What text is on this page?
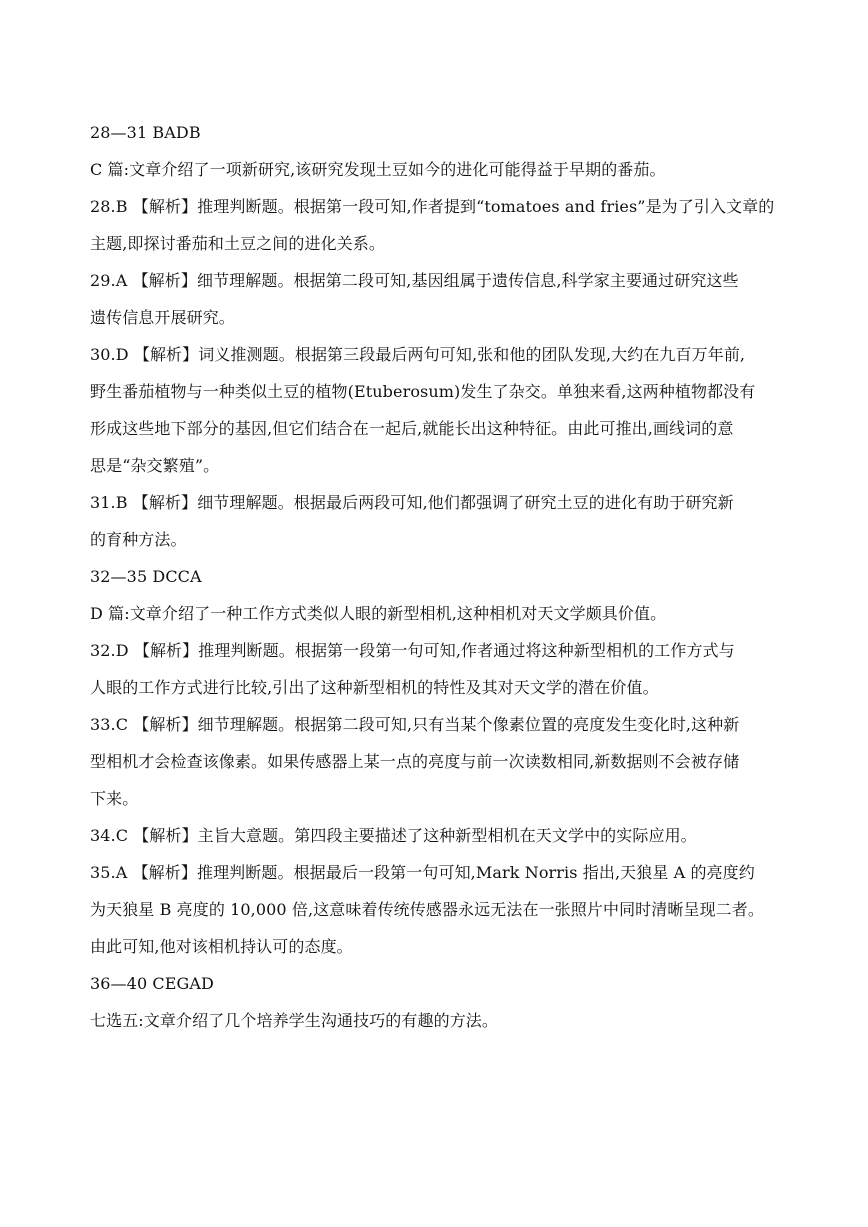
28—31 BADB
C 篇:文章介绍了一项新研究,该研究发现土豆如今的进化可能得益于早期的番茄。
28.B 【解析】推理判断题。根据第一段可知,作者提到“tomatoes and fries”是为了引入文章的
主题,即探讨番茄和土豆之间的进化关系。
29.A 【解析】细节理解题。根据第二段可知,基因组属于遗传信息,科学家主要通过研究这些
遗传信息开展研究。
30.D 【解析】词义推测题。根据第三段最后两句可知,张和他的团队发现,大约在九百万年前,
野生番茄植物与一种类似土豆的植物(Etuberosum)发生了杂交。单独来看,这两种植物都没有
形成这些地下部分的基因,但它们结合在一起后,就能长出这种特征。由此可推出,画线词的意
思是“杂交繁殖”。
31.B 【解析】细节理解题。根据最后两段可知,他们都强调了研究土豆的进化有助于研究新
的育种方法。
32—35 DCCA
D 篇:文章介绍了一种工作方式类似人眼的新型相机,这种相机对天文学颇具价值。
32.D 【解析】推理判断题。根据第一段第一句可知,作者通过将这种新型相机的工作方式与
人眼的工作方式进行比较,引出了这种新型相机的特性及其对天文学的潜在价值。
33.C 【解析】细节理解题。根据第二段可知,只有当某个像素位置的亮度发生变化时,这种新
型相机才会检查该像素。如果传感器上某一点的亮度与前一次读数相同,新数据则不会被存储
下来。
34.C 【解析】主旨大意题。第四段主要描述了这种新型相机在天文学中的实际应用。
35.A 【解析】推理判断题。根据最后一段第一句可知,Mark Norris 指出,天狼星 A 的亮度约
为天狼星 B 亮度的 10,000 倍,这意味着传统传感器永远无法在一张照片中同时清晰呈现二者。
由此可知,他对该相机持认可的态度。
36—40 CEGAD
七选五:文章介绍了几个培养学生沟通技巧的有趣的方法。
